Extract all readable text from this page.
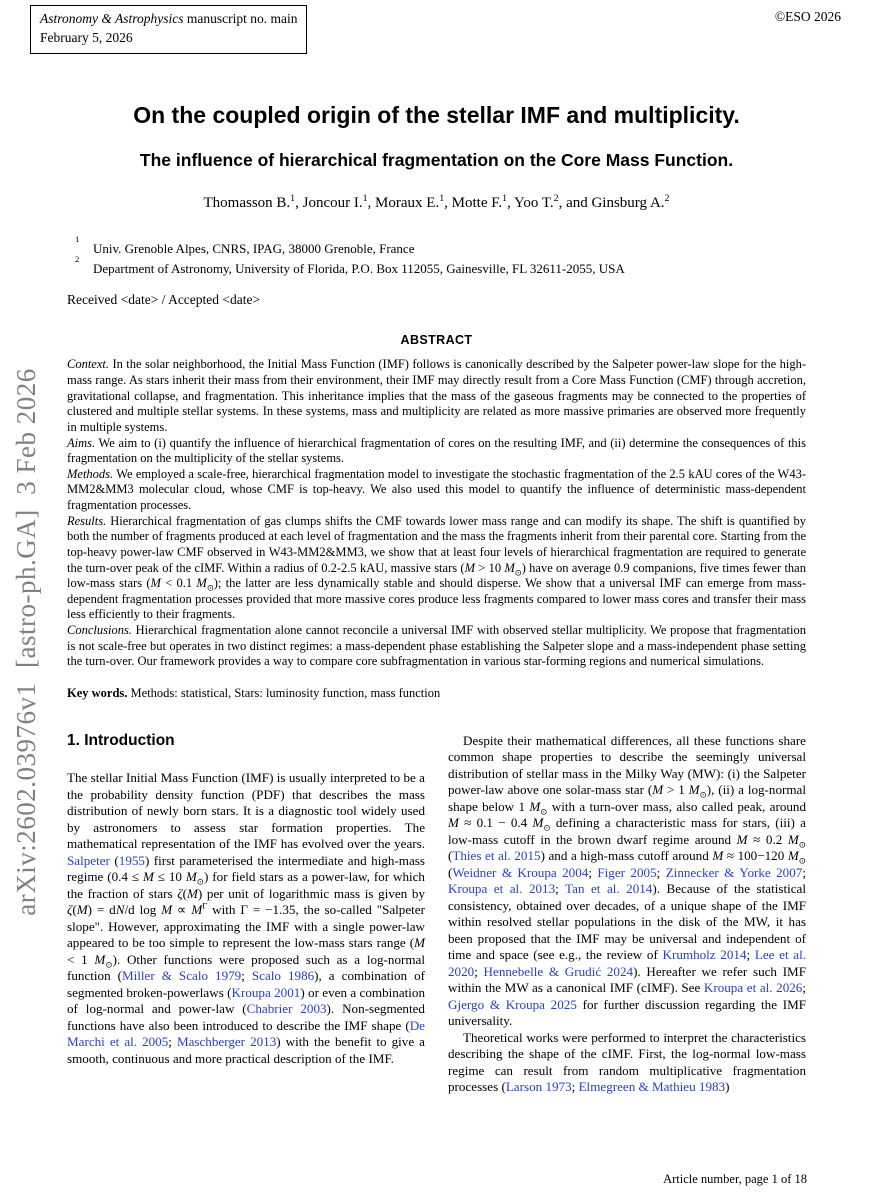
Astronomy & Astrophysics manuscript no. main
February 5, 2026
©ESO 2026
arXiv:2602.03976v1  [astro-ph.GA]  3 Feb 2026
On the coupled origin of the stellar IMF and multiplicity.
The influence of hierarchical fragmentation on the Core Mass Function.
Thomasson B.$^1$, Joncour I.$^1$, Moraux E.$^1$, Motte F.$^1$, Yoo T.$^2$, and Ginsburg A.$^2$
1
Univ. Grenoble Alpes, CNRS, IPAG, 38000 Grenoble, France
2
Department of Astronomy, University of Florida, P.O. Box 112055, Gainesville, FL 32611-2055, USA
Received <date> / Accepted <date>
ABSTRACT

Context. In the solar neighborhood, the Initial Mass Function (IMF) follows is canonically described by the Salpeter power-law slope for the high-mass range. As stars inherit their mass from their environment, their IMF may directly result from a Core Mass Function (CMF) through accretion, gravitational collapse, and fragmentation. This inheritance implies that the mass of the gaseous fragments may be connected to the properties of clustered and multiple stellar systems. In these systems, mass and multiplicity are related as more massive primaries are observed more frequently in multiple systems.

Aims. We aim to (i) quantify the influence of hierarchical fragmentation of cores on the resulting IMF, and (ii) determine the consequences of this fragmentation on the multiplicity of the stellar systems.

Methods. We employed a scale-free, hierarchical fragmentation model to investigate the stochastic fragmentation of the 2.5 kAU cores of the W43-MM2&MM3 molecular cloud, whose CMF is top-heavy. We also used this model to quantify the influence of deterministic mass-dependent fragmentation processes.

Results. Hierarchical fragmentation of gas clumps shifts the CMF towards lower mass range and can modify its shape. The shift is quantified by both the number of fragments produced at each level of fragmentation and the mass the fragments inherit from their parental core. Starting from the top-heavy power-law CMF observed in W43-MM2&MM3, we show that at least four levels of hierarchical fragmentation are required to generate the turn-over peak of the cIMF. Within a radius of 0.2-2.5 kAU, massive stars (M > 10 $M_⊙$) have on average 0.9 companions, five times fewer than low-mass stars (M < 0.1 $M_⊙$); the latter are less dynamically stable and should disperse. We show that a universal IMF can emerge from mass-dependent fragmentation processes provided that more massive cores produce less fragments compared to lower mass cores and transfer their mass less efficiently to their fragments.

Conclusions. Hierarchical fragmentation alone cannot reconcile a universal IMF with observed stellar multiplicity. We propose that fragmentation is not scale-free but operates in two distinct regimes: a mass-dependent phase establishing the Salpeter slope and a mass-independent phase setting the turn-over. Our framework provides a way to compare core subfragmentation in various star-forming regions and numerical simulations.

Key words. Methods: statistical, Stars: luminosity function, mass function

1. Introduction

The stellar Initial Mass Function (IMF) is usually interpreted to be a the probability density function (PDF) that describes the mass distribution of newly born stars. It is a diagnostic tool widely used by astronomers to assess star formation properties. The mathematical representation of the IMF has evolved over the years. Salpeter (1955) first parameterised the intermediate and high-mass regime (0.4 ≤ M ≤ 10 $M_⊙$) for field stars as a power-law, for which the fraction of stars ζ(M) per unit of logarithmic mass is given by ζ(M) = dN/d $\log M \propto M^\Gamma$ with Γ = −1.35, the so-called "Salpeter slope". However, approximating the IMF with a single power-law appeared to be too simple to represent the low-mass stars range (M < 1 $M_⊙$). Other functions were proposed such as a log-normal function (Miller & Scalo 1979; Scalo 1986), a combination of segmented broken-powerlaws (Kroupa 2001) or even a combination of log-normal and power-law (Chabrier 2003). Non-segmented functions have also been introduced to describe the IMF shape (De Marchi et al. 2005; Maschberger 2013) with the benefit to give a smooth, continuous and more practical description of the IMF.

Despite their mathematical differences, all these functions share common shape properties to describe the seemingly universal distribution of stellar mass in the Milky Way (MW): (i) the Salpeter power-law above one solar-mass star (M > 1 $M_⊙$), (ii) a log-normal shape below 1 $M_⊙$ with a turn-over mass, also called peak, around M ≈ 0.1 − 0.4 $M_⊙$ defining a characteristic mass for stars, (iii) a low-mass cutoff in the brown dwarf regime around M ≈ 0.2 $M_⊙$ (Thies et al. 2015) and a high-mass cutoff around M ≈ 100−120 $M_⊙$ (Weidner & Kroupa 2004; Figer 2005; Zinnecker & Yorke 2007; Kroupa et al. 2013; Tan et al. 2014). Because of the statistical consistency, obtained over decades, of a unique shape of the IMF within resolved stellar populations in the disk of the MW, it has been proposed that the IMF may be universal and independent of time and space (see e.g., the review of Krumholz 2014; Lee et al. 2020; Hennebelle & Grudić 2024). Hereafter we refer such IMF within the MW as a canonical IMF (cIMF). See Kroupa et al. 2026; Gjergo & Kroupa 2025 for further discussion regarding the IMF universality.

Theoretical works were performed to interpret the characteristics describing the shape of the cIMF. First, the log-normal low-mass regime can result from random multiplicative fragmentation processes (Larson 1973; Elmegreen & Mathieu 1983)

Article number, page 1 of 18
